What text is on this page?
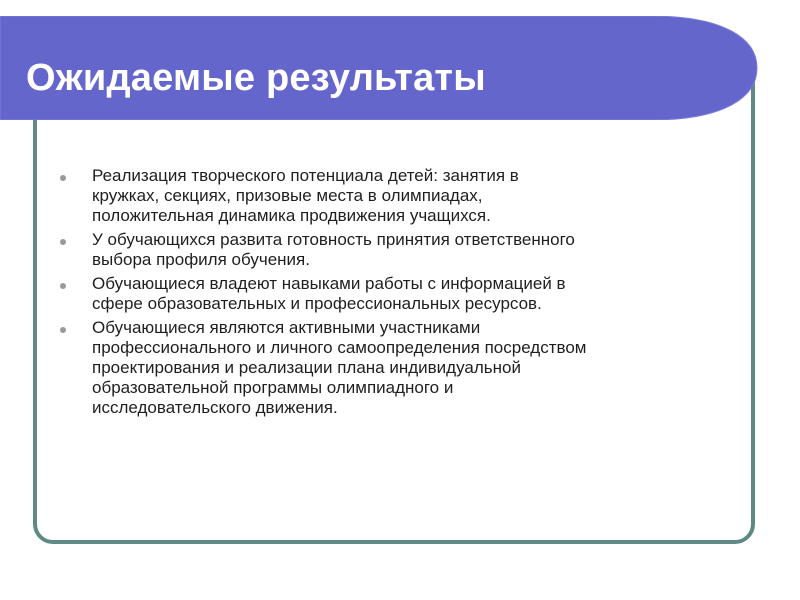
Ожидаемые результаты
Реализация творческого потенциала детей: занятия в
кружках, секциях, призовые места в олимпиадах,
положительная динамика продвижения учащихся.
У обучающихся развита готовность принятия ответственного
выбора профиля обучения.
Обучающиеся владеют навыками работы с информацией в
сфере образовательных и профессиональных ресурсов.
Обучающиеся являются активными участниками
профессионального и личного самоопределения посредством
проектирования и реализации плана индивидуальной
образовательной программы олимпиадного и
исследовательского движения.
